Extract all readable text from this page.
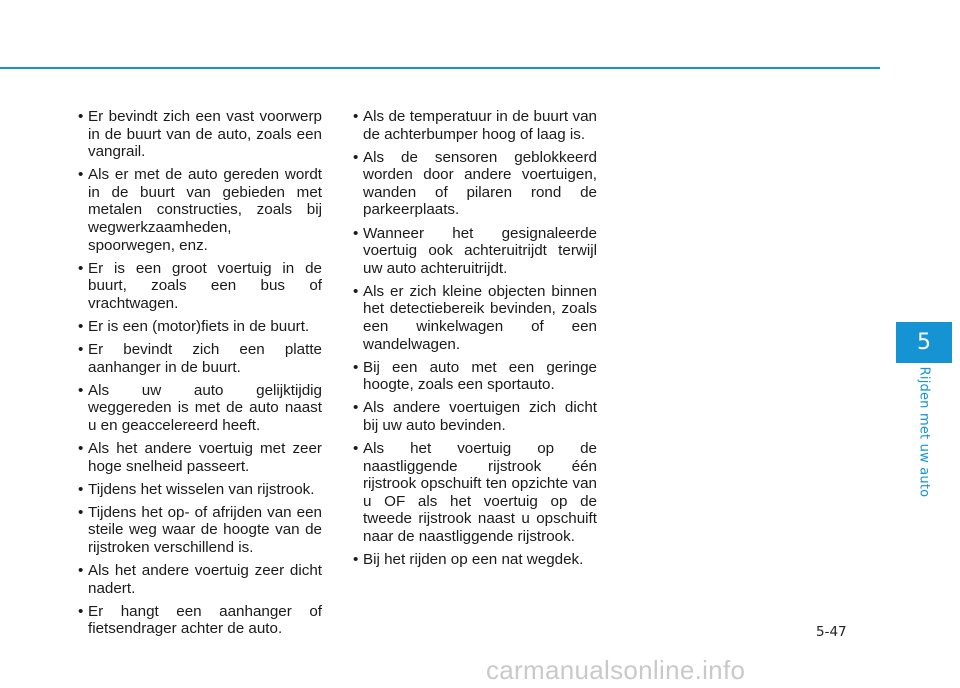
• Er bevindt zich een vast voorwerp in de buurt van de auto, zoals een vangrail.
• Als er met de auto gereden wordt in de buurt van gebieden met metalen constructies, zoals bij wegwerkzaamheden, spoorwegen, enz.
• Er is een groot voertuig in de buurt, zoals een bus of vrachtwagen.
• Er is een (motor)fiets in de buurt.
• Er bevindt zich een platte aanhanger in de buurt.
• Als uw auto gelijktijdig weggereden is met de auto naast u en geaccelereerd heeft.
• Als het andere voertuig met zeer hoge snelheid passeert.
• Tijdens het wisselen van rijstrook.
• Tijdens het op- of afrijden van een steile weg waar de hoogte van de rijstroken verschillend is.
• Als het andere voertuig zeer dicht nadert.
• Er hangt een aanhanger of fietsendrager achter de auto.
• Als de temperatuur in de buurt van de achterbumper hoog of laag is.
• Als de sensoren geblokkeerd worden door andere voertuigen, wanden of pilaren rond de parkeerplaats.
• Wanneer het gesignaleerde voertuig ook achteruitrijdt terwijl uw auto achteruitrijdt.
• Als er zich kleine objecten binnen het detectiebereik bevinden, zoals een winkelwagen of een wandelwagen.
• Bij een auto met een geringe hoogte, zoals een sportauto.
• Als andere voertuigen zich dicht bij uw auto bevinden.
• Als het voertuig op de naastliggende rijstrook één rijstrook opschuift ten opzichte van u OF als het voertuig op de tweede rijstrook naast u opschuift naar de naastliggende rijstrook.
• Bij het rijden op een nat wegdek.
5
Rijden met uw auto
5-47
carmanualsonline.info
